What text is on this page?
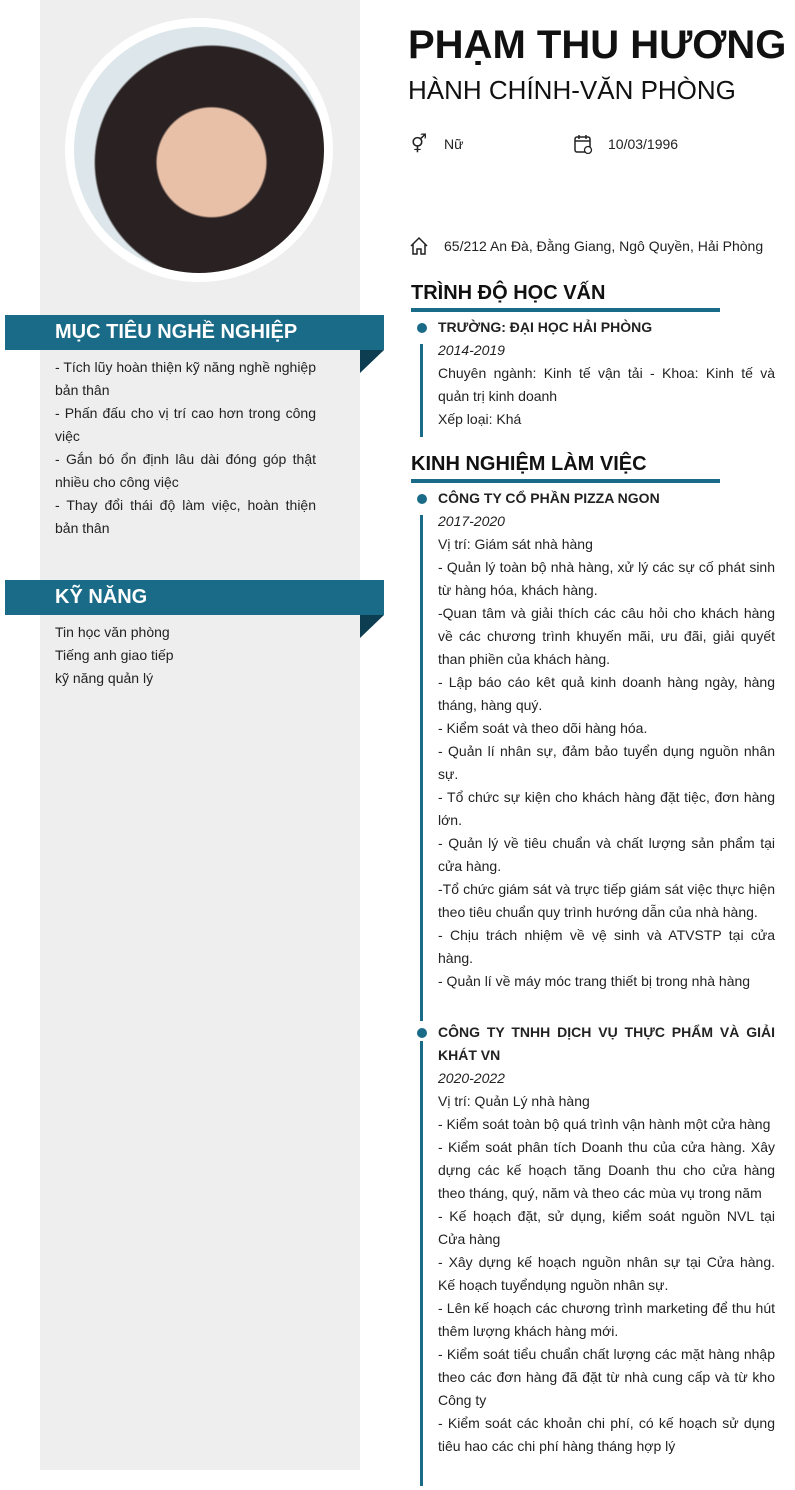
MỤC TIÊU NGHỀ NGHIỆP
- Tích lũy hoàn thiện kỹ năng nghề nghiệp bản thân
- Phấn đấu cho vị trí cao hơn trong công việc
- Gắn bó ổn định lâu dài đóng góp thật nhiều cho công việc
- Thay đổi thái độ làm việc, hoàn thiện bản thân
KỸ NĂNG
Tin học văn phòng
Tiếng anh giao tiếp
kỹ năng quản lý
PHẠM THU HƯƠNG
HÀNH CHÍNH-VĂN PHÒNG
⚥ Nữ	10/03/1996
65/212 An Đà, Đằng Giang, Ngô Quyền, Hải Phòng
TRÌNH ĐỘ HỌC VẤN
TRƯỜNG: ĐẠI HỌC HẢI PHÒNG
2014-2019
Chuyên ngành: Kinh tế vận tải - Khoa: Kinh tế và quản trị kinh doanh
Xếp loại: Khá
KINH NGHIỆM LÀM VIỆC
CÔNG TY CỔ PHẦN PIZZA NGON
2017-2020
Vị trí: Giám sát nhà hàng
- Quản lý toàn bộ nhà hàng, xử lý các sự cố phát sinh từ hàng hóa, khách hàng.
-Quan tâm và giải thích các câu hỏi cho khách hàng về các chương trình khuyến mãi, ưu đãi, giải quyết than phiền của khách hàng.
- Lập báo cáo kêt quả kinh doanh hàng ngày, hàng tháng, hàng quý.
- Kiểm soát và theo dõi hàng hóa.
- Quản lí nhân sự, đảm bảo tuyển dụng nguồn nhân sự.
- Tổ chức sự kiện cho khách hàng đặt tiệc, đơn hàng lớn.
- Quản lý về tiêu chuẩn và chất lượng sản phẩm tại cửa hàng.
-Tổ chức giám sát và trực tiếp giám sát việc thực hiện theo tiêu chuẩn quy trình hướng dẫn của nhà hàng.
- Chịu trách nhiệm về vệ sinh và ATVSTP tại cửa hàng.
- Quản lí về máy móc trang thiết bị trong nhà hàng
CÔNG TY TNHH DỊCH VỤ THỰC PHẨM VÀ GIẢI KHÁT VN
2020-2022
Vị trí: Quản Lý nhà hàng
- Kiểm soát toàn bộ quá trình vận hành một cửa hàng
- Kiểm soát phân tích Doanh thu của cửa hàng. Xây dựng các kế hoạch tăng Doanh thu cho cửa hàng theo tháng, quý, năm và theo các mùa vụ trong năm
- Kế hoạch đặt, sử dụng, kiểm soát nguồn NVL tại Cửa hàng
- Xây dựng kế hoạch nguồn nhân sự tại Cửa hàng. Kế hoạch tuyểndụng nguồn nhân sự.
- Lên kế hoạch các chương trình marketing để thu hút thêm lượng khách hàng mới.
- Kiểm soát tiểu chuẩn chất lượng các mặt hàng nhập theo các đơn hàng đã đặt từ nhà cung cấp và từ kho Công ty
- Kiểm soát các khoản chi phí, có kế hoạch sử dụng tiêu hao các chi phí hàng tháng hợp lý
